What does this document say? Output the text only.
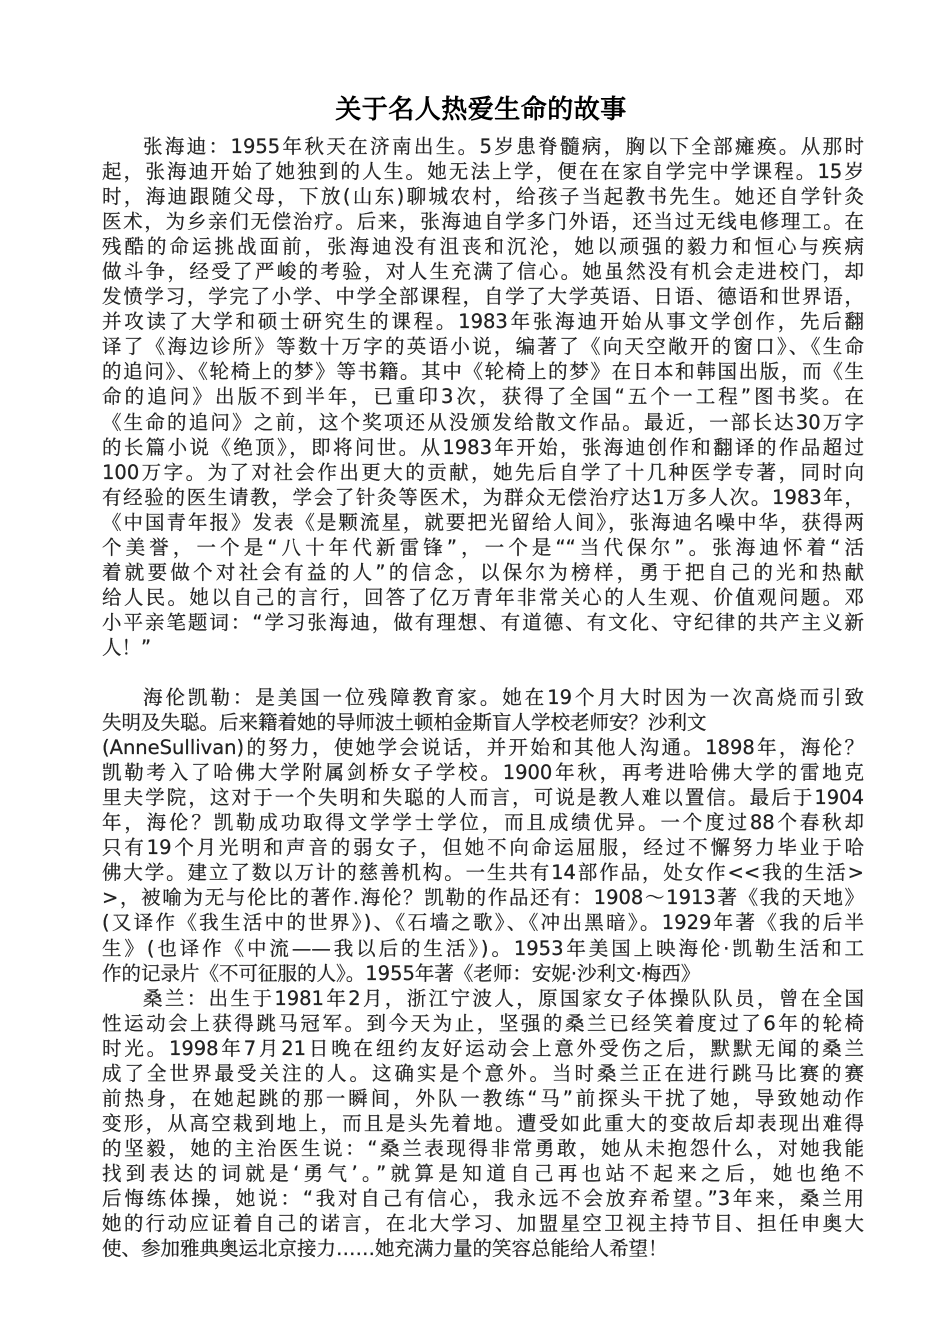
关于名人热爱生命的故事
张海迪：1955年秋天在济南出生。5岁患脊髓病，胸以下全部瘫痪。从那时
起，张海迪开始了她独到的人生。她无法上学，便在在家自学完中学课程。15岁
时，海迪跟随父母，下放(山东)聊城农村，给孩子当起教书先生。她还自学针灸
医术，为乡亲们无偿治疗。后来，张海迪自学多门外语，还当过无线电修理工。在
残酷的命运挑战面前，张海迪没有沮丧和沉沦，她以顽强的毅力和恒心与疾病
做斗争，经受了严峻的考验，对人生充满了信心。她虽然没有机会走进校门，却
发愤学习，学完了小学、中学全部课程，自学了大学英语、日语、德语和世界语，
并攻读了大学和硕士研究生的课程。1983年张海迪开始从事文学创作，先后翻
译了《海边诊所》等数十万字的英语小说，编著了《向天空敞开的窗口》、《生命
的追问》、《轮椅上的梦》等书籍。其中《轮椅上的梦》在日本和韩国出版，而《生
命的追问》出版不到半年，已重印3次，获得了全国“五个一工程”图书奖。在
《生命的追问》之前，这个奖项还从没颁发给散文作品。最近，一部长达30万字
的长篇小说《绝顶》，即将问世。从1983年开始，张海迪创作和翻译的作品超过
100万字。为了对社会作出更大的贡献，她先后自学了十几种医学专著，同时向
有经验的医生请教，学会了针灸等医术，为群众无偿治疗达1万多人次。1983年，
《中国青年报》发表《是颗流星，就要把光留给人间》，张海迪名噪中华，获得两
个美誉，一个是“八十年代新雷锋”，一个是““当代保尔”。张海迪怀着“活
着就要做个对社会有益的人”的信念，以保尔为榜样，勇于把自己的光和热献
给人民。她以自己的言行，回答了亿万青年非常关心的人生观、价值观问题。邓
小平亲笔题词：“学习张海迪，做有理想、有道德、有文化、守纪律的共产主义新
人！”
海伦凯勒：是美国一位残障教育家。她在19个月大时因为一次高烧而引致
失明及失聪。后来籍着她的导师波土顿柏金斯盲人学校老师安？沙利文
(AnneSullivan)的努力，使她学会说话，并开始和其他人沟通。1898年，海伦？
凯勒考入了哈佛大学附属剑桥女子学校。1900年秋，再考进哈佛大学的雷地克
里夫学院，这对于一个失明和失聪的人而言，可说是教人难以置信。最后于1904
年，海伦？凯勒成功取得文学学士学位，而且成绩优异。一个度过88个春秋却
只有19个月光明和声音的弱女子，但她不向命运屈服，经过不懈努力毕业于哈
佛大学。建立了数以万计的慈善机构。一生共有14部作品，处女作<<我的生活>
>，被喻为无与伦比的著作.海伦？凯勒的作品还有：1908～1913著《我的天地》
(又译作《我生活中的世界》)、《石墙之歌》、《冲出黑暗》。1929年著《我的后半
生》(也译作《中流——我以后的生活》)。1953年美国上映海伦·凯勒生活和工
作的记录片《不可征服的人》。1955年著《老师：安妮·沙利文·梅西》
桑兰：出生于1981年2月，浙江宁波人，原国家女子体操队队员，曾在全国
性运动会上获得跳马冠军。到今天为止，坚强的桑兰已经笑着度过了6年的轮椅
时光。1998年7月21日晚在纽约友好运动会上意外受伤之后，默默无闻的桑兰
成了全世界最受关注的人。这确实是个意外。当时桑兰正在进行跳马比赛的赛
前热身，在她起跳的那一瞬间，外队一教练“马”前探头干扰了她，导致她动作
变形，从高空栽到地上，而且是头先着地。遭受如此重大的变故后却表现出难得
的坚毅，她的主治医生说：“桑兰表现得非常勇敢，她从未抱怨什么，对她我能
找到表达的词就是‘勇气’。”就算是知道自己再也站不起来之后，她也绝不
后悔练体操，她说：“我对自己有信心，我永远不会放弃希望。”3年来，桑兰用
她的行动应证着自己的诺言，在北大学习、加盟星空卫视主持节目、担任申奥大
使、参加雅典奥运北京接力……她充满力量的笑容总能给人希望！
